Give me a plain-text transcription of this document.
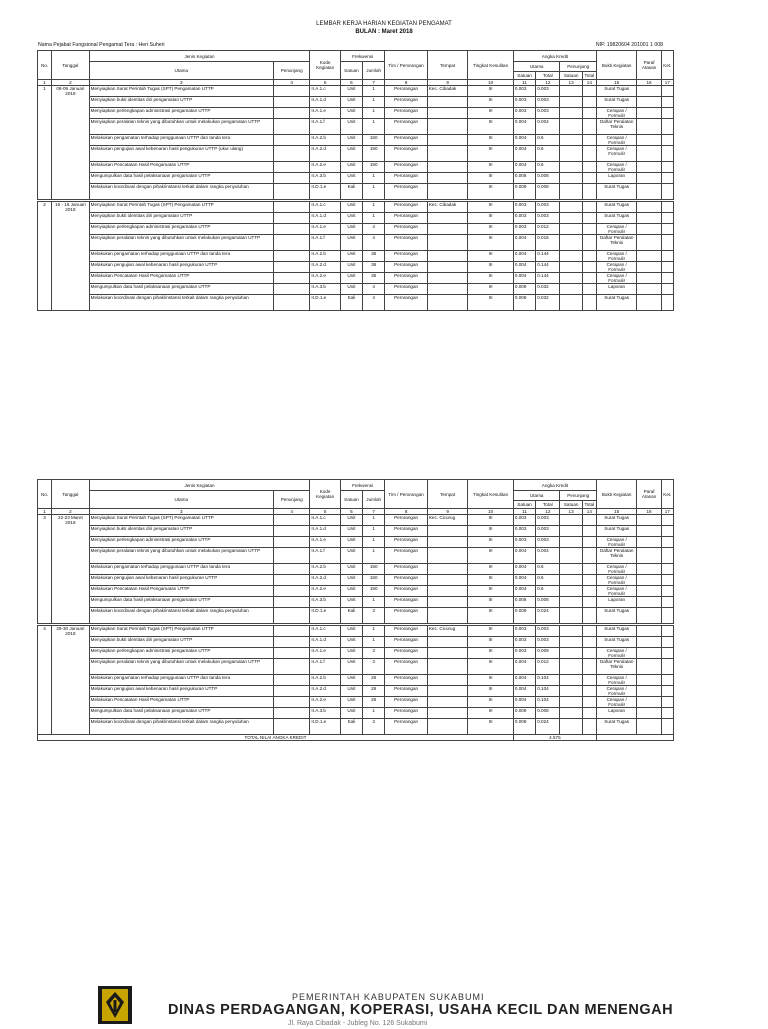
LEMBAR KERJA HARIAN KEGIATAN PENGAMAT
BULAN : Maret 2018
Nama Pejabat Fungsional Pengamat Tera : Heri Suheri	NIP. 19820604 201001 1 008
No.	Tanggal	Jenis Kegiatan		Kode Kegiatan	Frekwensi		Tim / Perorangan	Tempat	Tingkat Kesulitan	Angka Kredit				Bukti Kegiatan	Paraf Atasan	Ket.
		Utama	Penunjang		Satuan	Jumlah				Utama		Penunjang				
										Satuan	Total	Satuan	Total			
1	2	3	4	5	6	7	8	9	10	11	12	13	14	15	16	17
1	08-09 Januari 2018	Menyiapkan Surat Perintah Tugas (SPT) Pengamatan UTTP		II.A.1.c	Unit	1	Perorangan	Kec. Cibadak	III	0.003	0.003			Surat Tugas		
		Menyiapkan bukti identitas diri pengamatan UTTP		II.A.1.d	Unit	1	Perorangan		III	0.003	0.003			Surat Tugas		
		Menyiapkan perlengkapan administrasi pengamatan UTTP		II.A.1.e	Unit	1	Perorangan		III	0.003	0.003			Cerapan / Formulir		
		Menyiapkan peralatan teknis yang dibutuhkan untuk melakukan pengamatan UTTP		II.A.1.f	Unit	1	Perorangan		III	0.004	0.004			Daftar Peralatan Teknis		
		Melakukan pengamatan terhadap penggunaan UTTP dan tanda tera		II.A.2.b	Unit	150	Perorangan		III	0.004	0.6			Cerapan / Formulir		
		Melakukan pengujian awal kebenaran hasil pengukuran UTTP (ukur ulang)		II.A.2.d	Unit	150	Perorangan		III	0.004	0.6			Cerapan / Formulir		
		Melakukan Pencatatan Hasil Pengamatan UTTP		II.A.2.e	Unit	150	Perorangan		III	0.004	0.6			Cerapan / Formulir		
		Mengumpulkan data hasil pelaksanaan pengamatan UTTP		II.A.3.b	Unit	1	Perorangan		III	0.008	0.008			Laporan		
		Melakukan koordinasi dengan pihak/instansi terkait dalam rangka penyuluhan		II.D.1.e	Kali	1	Perorangan		III	0.008	0.008			Surat Tugas		

2	15 - 16 Januari 2018	Menyiapkan Surat Perintah Tugas (SPT) Pengamatan UTTP		II.A.1.c	Unit	1	Perorangan	Kec. Cibadak	III	0.003	0.003			Surat Tugas		
		Menyiapkan bukti identitas diri pengamatan UTTP		II.A.1.d	Unit	1	Perorangan		III	0.003	0.003			Surat Tugas		
		Menyiapkan perlengkapan administrasi pengamatan UTTP		II.A.1.e	Unit	4	Perorangan		III	0.003	0.012			Cerapan / Formulir		
		Menyiapkan peralatan teknis yang dibutuhkan untuk melakukan pengamatan UTTP		II.A.1.f	Unit	4	Perorangan		III	0.004	0.016			Daftar Peralatan Teknis		
		Melakukan pengamatan terhadap penggunaan UTTP dan tanda tera		II.A.2.b	Unit	36	Perorangan		III	0.004	0.144			Cerapan / Formulir		
		Melakukan pengujian awal kebenaran hasil pengukuran UTTP		II.A.2.d	Unit	36	Perorangan		III	0.004	0.144			Cerapan / Formulir		
		Melakukan Pencatatan Hasil Pengamatan UTTP		II.A.2.e	Unit	36	Perorangan		III	0.004	0.144			Cerapan / Formulir		
		Mengumpulkan data hasil pelaksanaan pengamatan UTTP		II.A.3.b	Unit	4	Perorangan		III	0.008	0.032			Laporan		
		Melakukan koordinasi dengan pihak/instansi terkait dalam rangka penyuluhan		II.D.1.e	Kali	4	Perorangan		III	0.008	0.032			Surat Tugas		
No.	Tanggal	Jenis Kegiatan		Kode Kegiatan	Frekwensi		Tim / Perorangan	Tempat	Tingkat Kesulitan	Angka Kredit				Bukti Kegiatan	Paraf Atasan	Ket.
		Utama	Penunjang		Satuan	Jumlah				Utama		Penunjang				
										Satuan	Total	Satuan	Total			
1	2	3	4	5	6	7	8	9	10	11	12	13	14	15	16	17
3	22-23 Maret 2018	Menyiapkan Surat Perintah Tugas (SPT) Pengamatan UTTP		II.A.1.c	Unit	1	Perorangan	Kec. Cicurug	III	0.003	0.003			Surat Tugas		
		Menyiapkan bukti identitas diri pengamatan UTTP		II.A.1.d	Unit	1	Perorangan		III	0.003	0.003			Surat Tugas		
		Menyiapkan perlengkapan administrasi pengamatan UTTP		II.A.1.e	Unit	1	Perorangan		III	0.003	0.003			Cerapan / Formulir		
		Menyiapkan peralatan teknis yang dibutuhkan untuk melakukan pengamatan UTTP		II.A.1.f	Unit	1	Perorangan		III	0.004	0.004			Daftar Peralatan Teknis		
		Melakukan pengamatan terhadap penggunaan UTTP dan tanda tera		II.A.2.b	Unit	150	Perorangan		III	0.004	0.6			Cerapan / Formulir		
		Melakukan pengujian awal kebenaran hasil pengukuran UTTP		II.A.2.d	Unit	150	Perorangan		III	0.004	0.6			Cerapan / Formulir		
		Melakukan Pencatatan Hasil Pengamatan UTTP		II.A.2.e	Unit	150	Perorangan		III	0.004	0.6			Cerapan / Formulir		
		Mengumpulkan data hasil pelaksanaan pengamatan UTTP		II.A.3.b	Unit	1	Perorangan		III	0.008	0.008			Laporan		
		Melakukan koordinasi dengan pihak/instansi terkait dalam rangka penyuluhan		II.D.1.e	Kali	3	Perorangan		III	0.008	0.024			Surat Tugas		

4	29-30 Januari 2018	Menyiapkan Surat Perintah Tugas (SPT) Pengamatan UTTP		II.A.1.c	Unit	1	Perorangan	Kec. Cicurug	III	0.003	0.003			Surat Tugas		
		Menyiapkan bukti identitas diri pengamatan UTTP		II.A.1.d	Unit	1	Perorangan		III	0.003	0.003			Surat Tugas		
		Menyiapkan perlengkapan administrasi pengamatan UTTP		II.A.1.e	Unit	3	Perorangan		III	0.003	0.009			Cerapan / Formulir		
		Menyiapkan peralatan teknis yang dibutuhkan untuk melakukan pengamatan UTTP		II.A.1.f	Unit	3	Perorangan		III	0.004	0.012			Daftar Peralatan Teknis		
		Melakukan pengamatan terhadap penggunaan UTTP dan tanda tera		II.A.2.b	Unit	26	Perorangan		III	0.004	0.104			Cerapan / Formulir		
		Melakukan pengujian awal kebenaran hasil pengukuran UTTP		II.A.2.d	Unit	26	Perorangan		III	0.004	0.104			Cerapan / Formulir		
		Melakukan Pencatatan Hasil Pengamatan UTTP		II.A.2.e	Unit	26	Perorangan		III	0.004	0.104			Cerapan / Formulir		
		Mengumpulkan data hasil pelaksanaan pengamatan UTTP		II.A.3.b	Unit	1	Perorangan		III	0.008	0.008			Laporan		
		Melakukan koordinasi dengan pihak/instansi terkait dalam rangka penyuluhan		II.D.1.e	Kali	3	Perorangan		III	0.008	0.024			Surat Tugas		
TOTAL NILAI ANGKA KREDIT										4.575						
PEMERINTAH KABUPATEN SUKABUMI
DINAS PERDAGANGAN, KOPERASI, USAHA KECIL DAN MENENGAH
Jl. Raya Cibadak - Jubleg No. 126 Sukabumi
